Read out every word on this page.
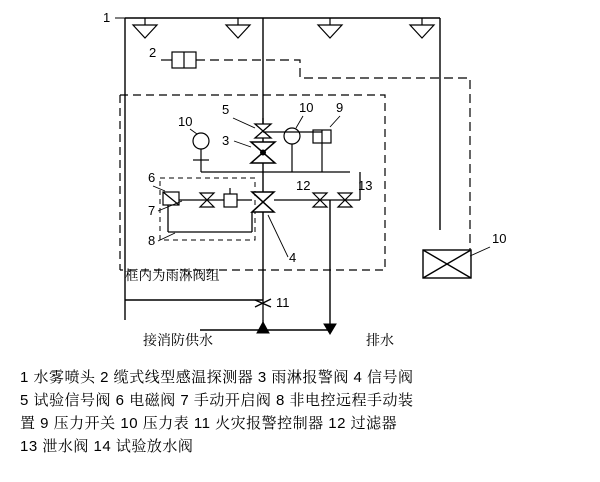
1
2
5
3
4
10
10 9
6
7
8
12	13
10
11
框内为雨淋阀组
接消防供水	排水
1 水雾喷头 2 缆式线型感温探测器 3 雨淋报警阀 4 信号阀
5 试验信号阀 6 电磁阀 7 手动开启阀 8 非电控远程手动装
置 9 压力开关 10 压力表 11 火灾报警控制器 12 过滤器
13 泄水阀 14 试验放水阀
